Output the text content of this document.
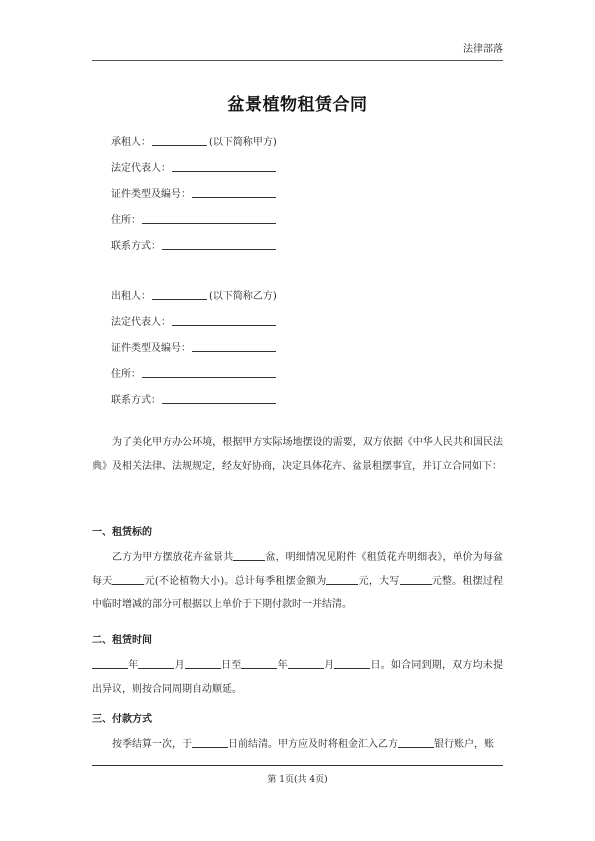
法律部落
盆景植物租赁合同
承租人：	(以下简称甲方)
法定代表人：
证件类型及编号：
住所：
联系方式：
出租人：	(以下简称乙方)
法定代表人：
证件类型及编号：
住所：
联系方式：
为了美化甲方办公环境，根据甲方实际场地摆设的需要，双方依据《中华人民共和国民法典》及相关法律、法规规定，经友好协商，决定具体花卉、盆景租摆事宜，并订立合同如下：
一、租赁标的
乙方为甲方摆放花卉盆景共	盆，明细情况见附件《租赁花卉明细表》，单价为每盆每天	元(不论植物大小)。总计每季租摆金额为	元，大写	元整。租摆过程中临时增减的部分可根据以上单价于下期付款时一并结清。
二、租赁时间
年	月	日至	年	月	日。如合同到期，双方均未提出异议，则按合同周期自动顺延。
三、付款方式
按季结算一次，于	日前结清。甲方应及时将租金汇入乙方	银行账户，账
第 1页(共 4页)
